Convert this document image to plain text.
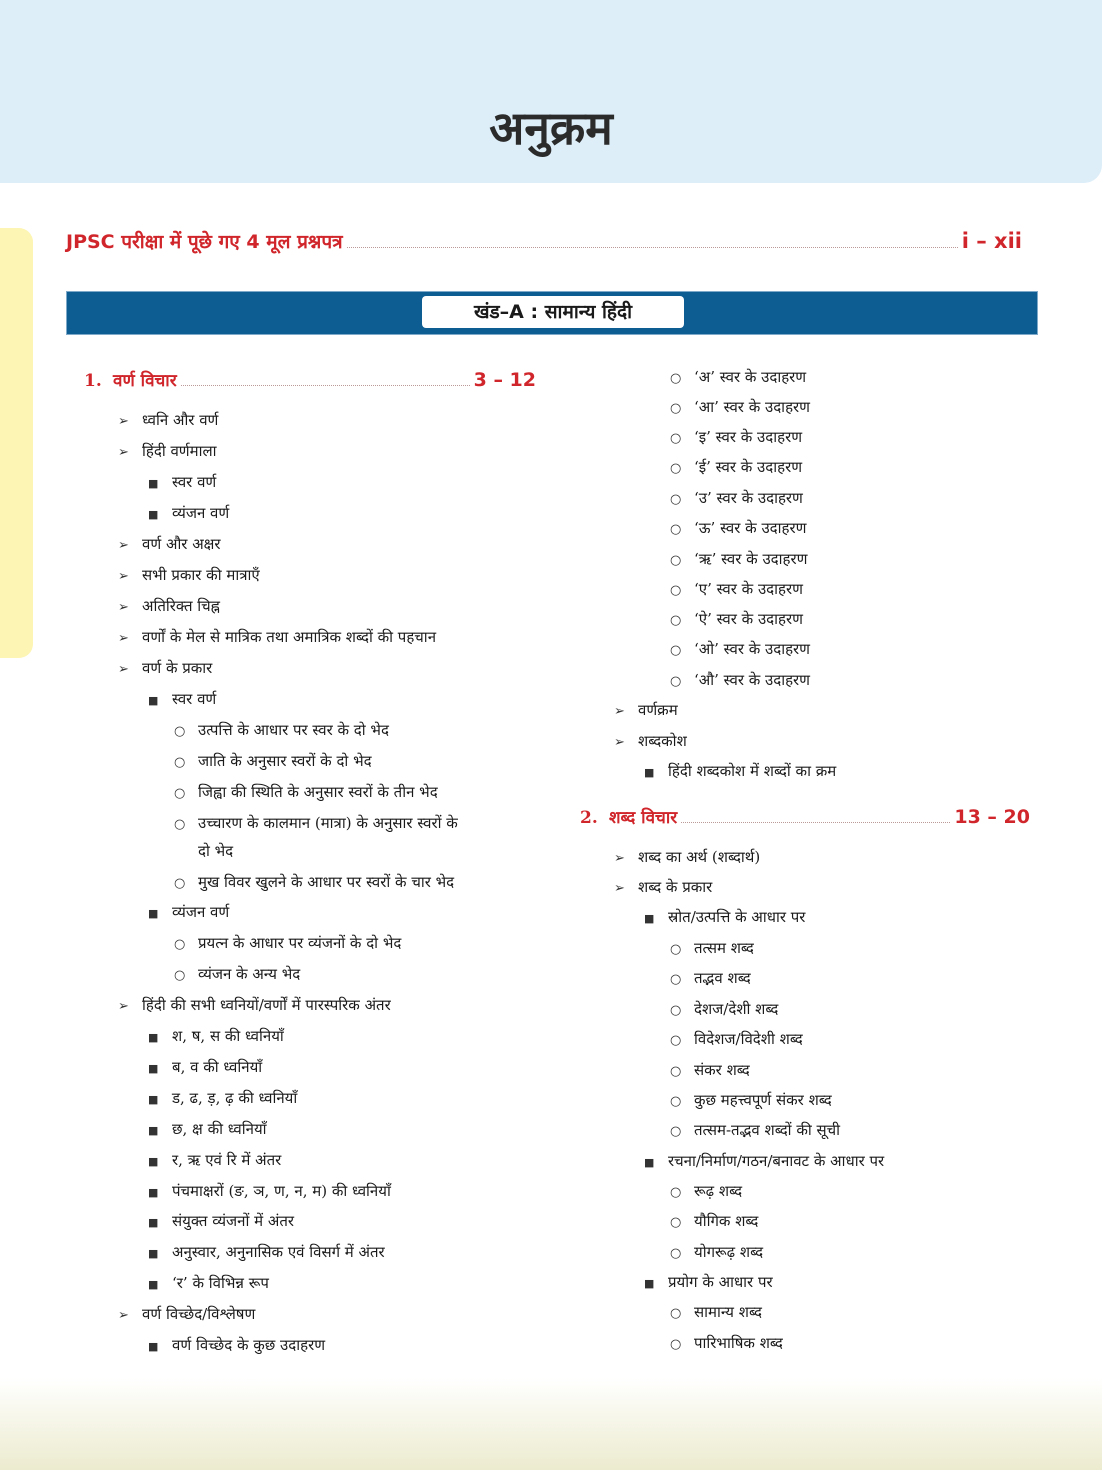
अनुक्रम
JPSC परीक्षा में पूछे गए 4 मूल प्रश्नपत्र	i – xii
खंड–A : सामान्य हिंदी
1. वर्ण विचार	3 – 12
➢ ध्वनि और वर्ण
➢ हिंदी वर्णमाला
■ स्वर वर्ण
■ व्यंजन वर्ण
➢ वर्ण और अक्षर
➢ सभी प्रकार की मात्राएँ
➢ अतिरिक्त चिह्न
➢ वर्णों के मेल से मात्रिक तथा अमात्रिक शब्दों की पहचान
➢ वर्ण के प्रकार
■ स्वर वर्ण
○ उत्पत्ति के आधार पर स्वर के दो भेद
○ जाति के अनुसार स्वरों के दो भेद
○ जिह्वा की स्थिति के अनुसार स्वरों के तीन भेद
○ उच्चारण के कालमान (मात्रा) के अनुसार स्वरों के
दो भेद
○ मुख विवर खुलने के आधार पर स्वरों के चार भेद
■ व्यंजन वर्ण
○ प्रयत्न के आधार पर व्यंजनों के दो भेद
○ व्यंजन के अन्य भेद
➢ हिंदी की सभी ध्वनियों/वर्णों में पारस्परिक अंतर
■ श, ष, स की ध्वनियाँ
■ ब, व की ध्वनियाँ
■ ड, ढ, ड़, ढ़ की ध्वनियाँ
■ छ, क्ष की ध्वनियाँ
■ र, ऋ एवं रि में अंतर
■ पंचमाक्षरों (ङ, ञ, ण, न, म) की ध्वनियाँ
■ संयुक्त व्यंजनों में अंतर
■ अनुस्वार, अनुनासिक एवं विसर्ग में अंतर
■ ‘र’ के विभिन्न रूप
➢ वर्ण विच्छेद/विश्लेषण
■ वर्ण विच्छेद के कुछ उदाहरण
○ ‘अ’ स्वर के उदाहरण
○ ‘आ’ स्वर के उदाहरण
○ ‘इ’ स्वर के उदाहरण
○ ‘ई’ स्वर के उदाहरण
○ ‘उ’ स्वर के उदाहरण
○ ‘ऊ’ स्वर के उदाहरण
○ ‘ऋ’ स्वर के उदाहरण
○ ‘ए’ स्वर के उदाहरण
○ ‘ऐ’ स्वर के उदाहरण
○ ‘ओ’ स्वर के उदाहरण
○ ‘औ’ स्वर के उदाहरण
➢ वर्णक्रम
➢ शब्दकोश
■ हिंदी शब्दकोश में शब्दों का क्रम
2. शब्द विचार	13 – 20
➢ शब्द का अर्थ (शब्दार्थ)
➢ शब्द के प्रकार
■ स्रोत/उत्पत्ति के आधार पर
○ तत्सम शब्द
○ तद्भव शब्द
○ देशज/देशी शब्द
○ विदेशज/विदेशी शब्द
○ संकर शब्द
○ कुछ महत्त्वपूर्ण संकर शब्द
○ तत्सम-तद्भव शब्दों की सूची
■ रचना/निर्माण/गठन/बनावट के आधार पर
○ रूढ़ शब्द
○ यौगिक शब्द
○ योगरूढ़ शब्द
■ प्रयोग के आधार पर
○ सामान्य शब्द
○ पारिभाषिक शब्द
